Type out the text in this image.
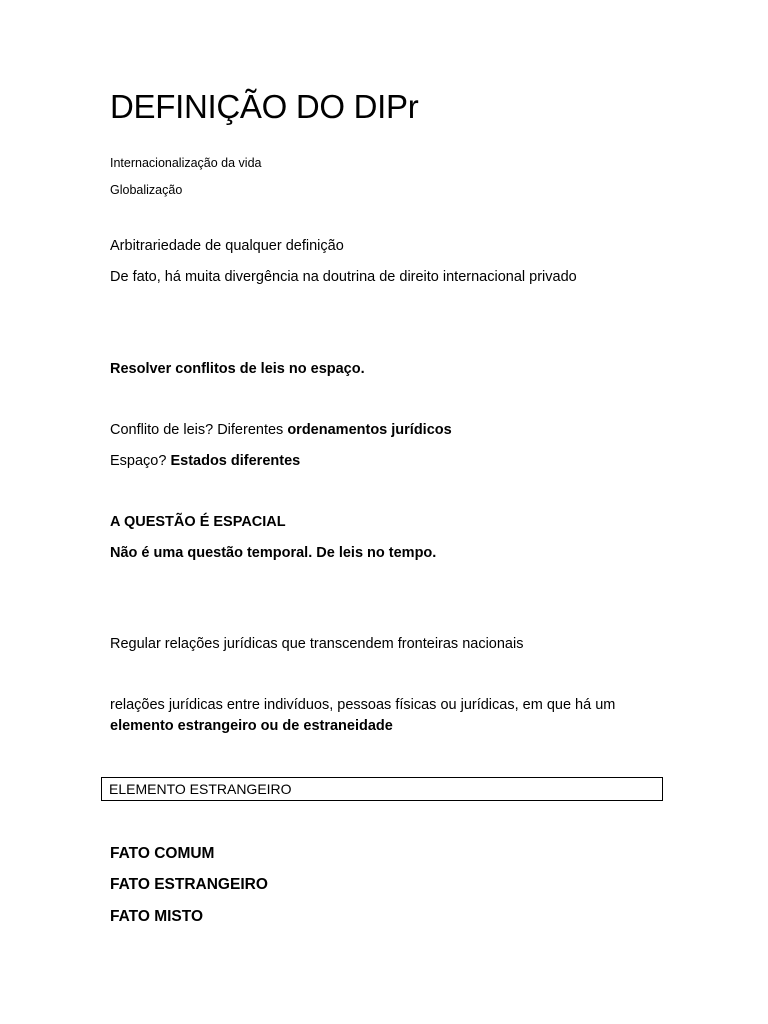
DEFINIÇÃO DO DIPr
Internacionalização da vida
Globalização
Arbitrariedade de qualquer definição
De fato, há muita divergência na doutrina de direito internacional privado
Resolver conflitos de leis no espaço.
Conflito de leis? Diferentes ordenamentos jurídicos
Espaço? Estados diferentes
A QUESTÃO É ESPACIAL
Não é uma questão temporal. De leis no tempo.
Regular relações jurídicas que transcendem fronteiras nacionais
relações jurídicas entre indivíduos, pessoas físicas ou jurídicas, em que há um
elemento estrangeiro ou de estraneidade
ELEMENTO ESTRANGEIRO
FATO COMUM
FATO ESTRANGEIRO
FATO MISTO
